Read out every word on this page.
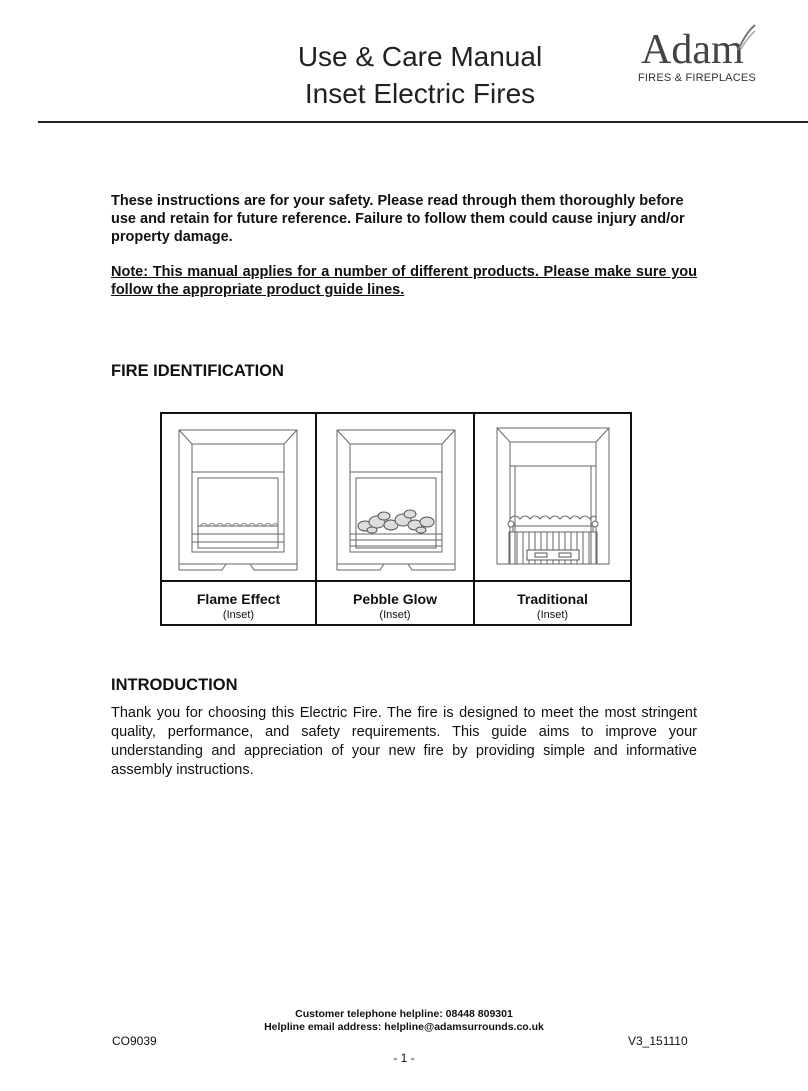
Use & Care Manual
Inset Electric Fires
Adam
FIRES & FIREPLACES
These instructions are for your safety. Please read through them thoroughly before use and retain for future reference. Failure to follow them could cause injury and/or property damage.
Note: This manual applies for a number of different products. Please make sure you follow the appropriate product guide lines.
FIRE IDENTIFICATION
Flame Effect
(Inset)
Pebble Glow
(Inset)
Traditional
(Inset)
INTRODUCTION
Thank you for choosing this Electric Fire. The fire is designed to meet the most stringent quality, performance, and safety requirements. This guide aims to improve your understanding and appreciation of your new fire by providing simple and informative assembly instructions.
Customer telephone helpline: 08448 809301
Helpline email address: helpline@adamsurrounds.co.uk
CO9039	V3_151110
- 1 -
